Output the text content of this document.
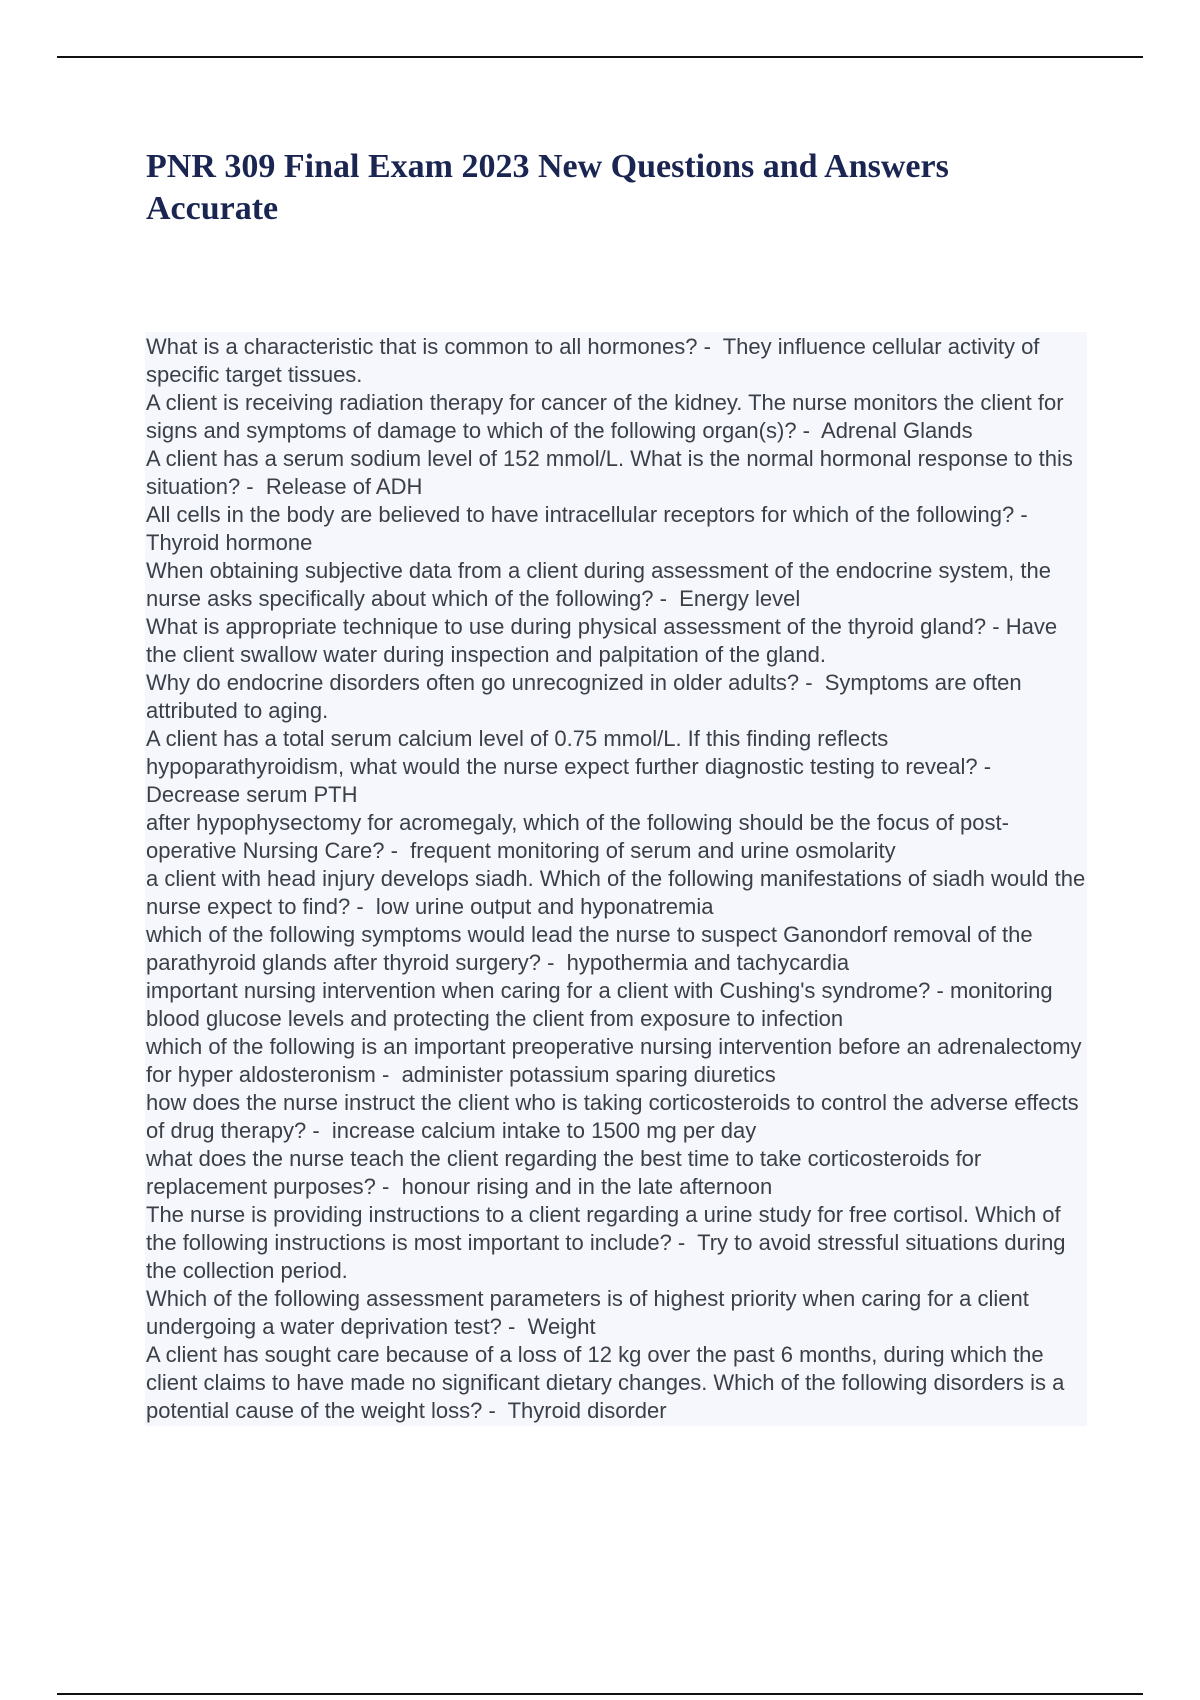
PNR 309 Final Exam 2023 New Questions and Answers Accurate

What is a characteristic that is common to all hormones? -  They influence cellular activity of specific target tissues.

A client is receiving radiation therapy for cancer of the kidney. The nurse monitors the client for signs and symptoms of damage to which of the following organ(s)? -  Adrenal Glands

A client has a serum sodium level of 152 mmol/L. What is the normal hormonal response to this situation? -  Release of ADH

All cells in the body are believed to have intracellular receptors for which of the following? -  Thyroid hormone

When obtaining subjective data from a client during assessment of the endocrine system, the nurse asks specifically about which of the following? -  Energy level

What is appropriate technique to use during physical assessment of the thyroid gland? - Have the client swallow water during inspection and palpitation of the gland.

Why do endocrine disorders often go unrecognized in older adults? -  Symptoms are often attributed to aging.

A client has a total serum calcium level of 0.75 mmol/L. If this finding reflects hypoparathyroidism, what would the nurse expect further diagnostic testing to reveal? - Decrease serum PTH

after hypophysectomy for acromegaly, which of the following should be the focus of post-operative Nursing Care? -  frequent monitoring of serum and urine osmolarity

a client with head injury develops siadh. Which of the following manifestations of siadh would the nurse expect to find? -  low urine output and hyponatremia

which of the following symptoms would lead the nurse to suspect Ganondorf removal of the parathyroid glands after thyroid surgery? -  hypothermia and tachycardia

important nursing intervention when caring for a client with Cushing's syndrome? - monitoring blood glucose levels and protecting the client from exposure to infection

which of the following is an important preoperative nursing intervention before an adrenalectomy for hyper aldosteronism -  administer potassium sparing diuretics

how does the nurse instruct the client who is taking corticosteroids to control the adverse effects of drug therapy? -  increase calcium intake to 1500 mg per day

what does the nurse teach the client regarding the best time to take corticosteroids for replacement purposes? -  honour rising and in the late afternoon

The nurse is providing instructions to a client regarding a urine study for free cortisol. Which of the following instructions is most important to include? -  Try to avoid stressful situations during the collection period.

Which of the following assessment parameters is of highest priority when caring for a client undergoing a water deprivation test? -  Weight

A client has sought care because of a loss of 12 kg over the past 6 months, during which the client claims to have made no significant dietary changes. Which of the following disorders is a potential cause of the weight loss? -  Thyroid disorder
